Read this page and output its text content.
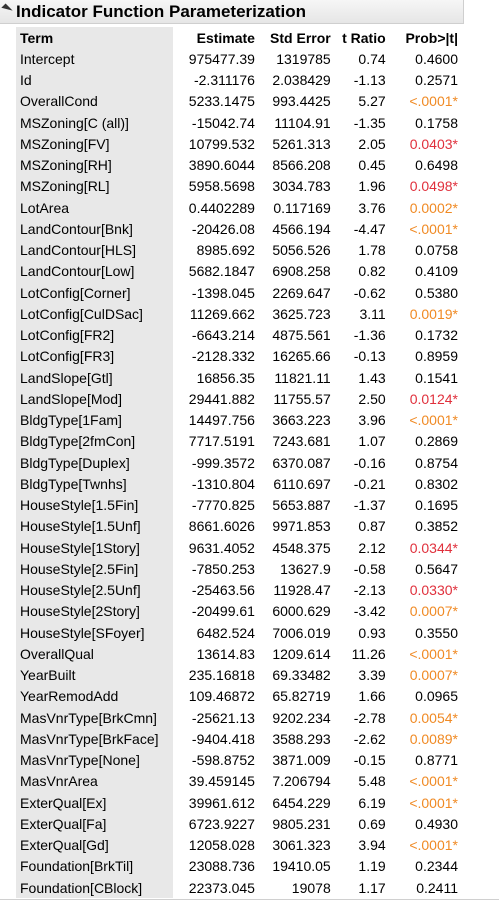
Indicator Function Parameterization
Term	Estimate	Std Error	t Ratio	Prob>|t|
Intercept	975477.39	1319785	0.74	0.4600
Id	-2.311176	2.038429	-1.13	0.2571
OverallCond	5233.1475	993.4425	5.27	<.0001*
MSZoning[C (all)]	-15042.74	11104.91	-1.35	0.1758
MSZoning[FV]	10799.532	5261.313	2.05	0.0403*
MSZoning[RH]	3890.6044	8566.208	0.45	0.6498
MSZoning[RL]	5958.5698	3034.783	1.96	0.0498*
LotArea	0.4402289	0.117169	3.76	0.0002*
LandContour[Bnk]	-20426.08	4566.194	-4.47	<.0001*
LandContour[HLS]	8985.692	5056.526	1.78	0.0758
LandContour[Low]	5682.1847	6908.258	0.82	0.4109
LotConfig[Corner]	-1398.045	2269.647	-0.62	0.5380
LotConfig[CulDSac]	11269.662	3625.723	3.11	0.0019*
LotConfig[FR2]	-6643.214	4875.561	-1.36	0.1732
LotConfig[FR3]	-2128.332	16265.66	-0.13	0.8959
LandSlope[Gtl]	16856.35	11821.11	1.43	0.1541
LandSlope[Mod]	29441.882	11755.57	2.50	0.0124*
BldgType[1Fam]	14497.756	3663.223	3.96	<.0001*
BldgType[2fmCon]	7717.5191	7243.681	1.07	0.2869
BldgType[Duplex]	-999.3572	6370.087	-0.16	0.8754
BldgType[Twnhs]	-1310.804	6110.697	-0.21	0.8302
HouseStyle[1.5Fin]	-7770.825	5653.887	-1.37	0.1695
HouseStyle[1.5Unf]	8661.6026	9971.853	0.87	0.3852
HouseStyle[1Story]	9631.4052	4548.375	2.12	0.0344*
HouseStyle[2.5Fin]	-7850.253	13627.9	-0.58	0.5647
HouseStyle[2.5Unf]	-25463.56	11928.47	-2.13	0.0330*
HouseStyle[2Story]	-20499.61	6000.629	-3.42	0.0007*
HouseStyle[SFoyer]	6482.524	7006.019	0.93	0.3550
OverallQual	13614.83	1209.614	11.26	<.0001*
YearBuilt	235.16818	69.33482	3.39	0.0007*
YearRemodAdd	109.46872	65.82719	1.66	0.0965
MasVnrType[BrkCmn]	-25621.13	9202.234	-2.78	0.0054*
MasVnrType[BrkFace]	-9404.418	3588.293	-2.62	0.0089*
MasVnrType[None]	-598.8752	3871.009	-0.15	0.8771
MasVnrArea	39.459145	7.206794	5.48	<.0001*
ExterQual[Ex]	39961.612	6454.229	6.19	<.0001*
ExterQual[Fa]	6723.9227	9805.231	0.69	0.4930
ExterQual[Gd]	12058.028	3061.323	3.94	<.0001*
Foundation[BrkTil]	23088.736	19410.05	1.19	0.2344
Foundation[CBlock]	22373.045	19078	1.17	0.2411
